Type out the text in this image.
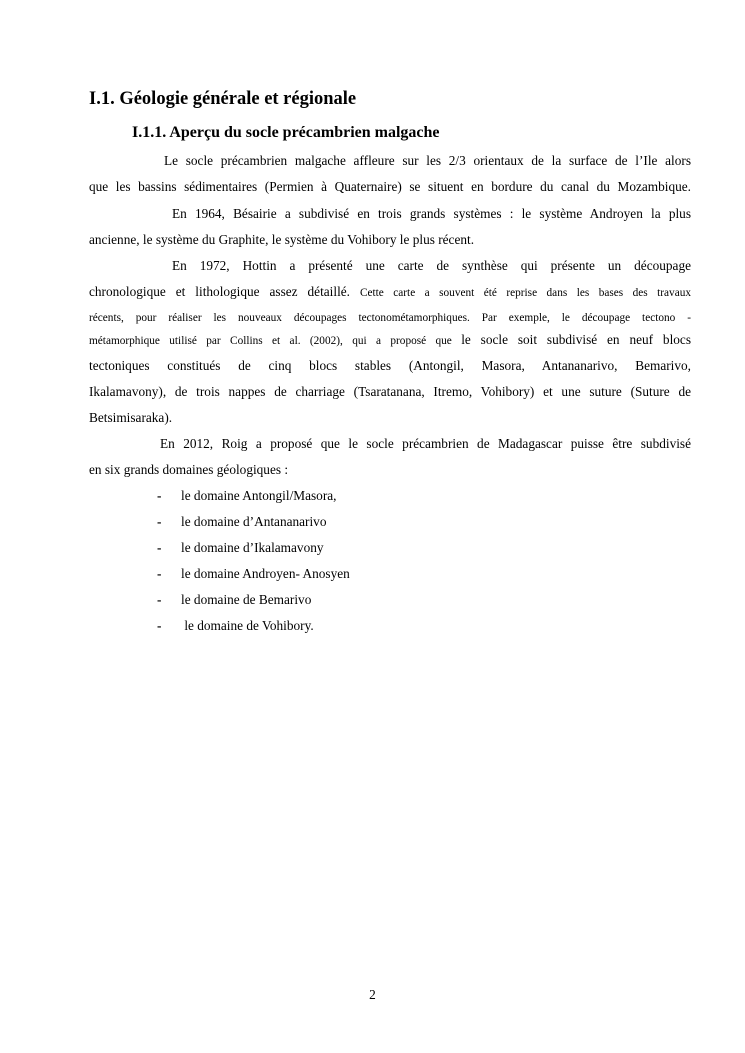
I.1. Géologie générale et régionale
I.1.1. Aperçu du socle précambrien malgache
Le socle précambrien malgache affleure sur les 2/3 orientaux de la surface de l’Ile alors
que les bassins sédimentaires (Permien à Quaternaire) se situent en bordure du canal du Mozambique.
En 1964, Bésairie a subdivisé en trois grands systèmes : le système Androyen la plus
ancienne, le système du Graphite, le système du Vohibory le plus récent.
En 1972, Hottin a présenté une carte de synthèse qui présente un découpage
chronologique et lithologique assez détaillé. Cette carte a souvent été reprise dans les bases des travaux
récents, pour réaliser les nouveaux découpages tectonométamorphiques. Par exemple, le découpage tectono -
métamorphique utilisé par Collins et al. (2002), qui a proposé que le socle soit subdivisé en neuf blocs
tectoniques constitués de cinq blocs stables (Antongil, Masora, Antananarivo, Bemarivo,
Ikalamavony), de trois nappes de charriage (Tsaratanana, Itremo, Vohibory) et une suture (Suture de
Betsimisaraka).
En 2012, Roig a proposé que le socle précambrien de Madagascar puisse être subdivisé
en six grands domaines géologiques :
- le domaine Antongil/Masora,
- le domaine d’Antananarivo
- le domaine d’Ikalamavony
- le domaine Androyen- Anosyen
- le domaine de Bemarivo
- le domaine de Vohibory.
2
